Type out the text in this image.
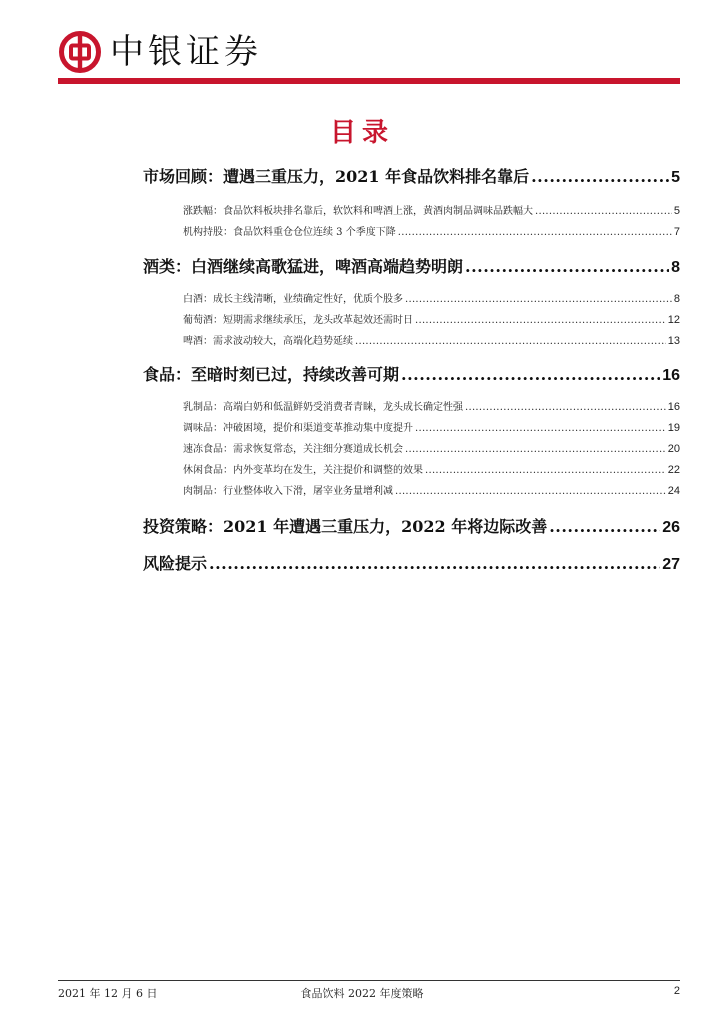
中银证券
目录
市场回顾：遭遇三重压力，2021 年食品饮料排名靠后 .....	5
涨跌幅：食品饮料板块排名靠后，软饮料和啤酒上涨，黄酒肉制品调味品跌幅大 .....	5
机构持股：食品饮料重仓仓位连续 3 个季度下降 .....	7
酒类：白酒继续高歌猛进，啤酒高端趋势明朗 .....	8
白酒：成长主线清晰，业绩确定性好，优质个股多 .....	8
葡萄酒：短期需求继续承压，龙头改革起效还需时日 .....	12
啤酒：需求波动较大，高端化趋势延续 .....	13
食品：至暗时刻已过，持续改善可期 .....	16
乳制品：高端白奶和低温鲜奶受消费者青睐，龙头成长确定性强 .....	16
调味品：冲破困境，提价和渠道变革推动集中度提升 .....	19
速冻食品：需求恢复常态，关注细分赛道成长机会 .....	20
休闲食品：内外变革均在发生，关注提价和调整的效果 .....	22
肉制品：行业整体收入下滑，屠宰业务量增利减 .....	24
投资策略：2021 年遭遇三重压力，2022 年将边际改善 .....	26
风险提示 .....	27
2021 年 12 月 6 日	食品饮料 2022 年度策略	2
